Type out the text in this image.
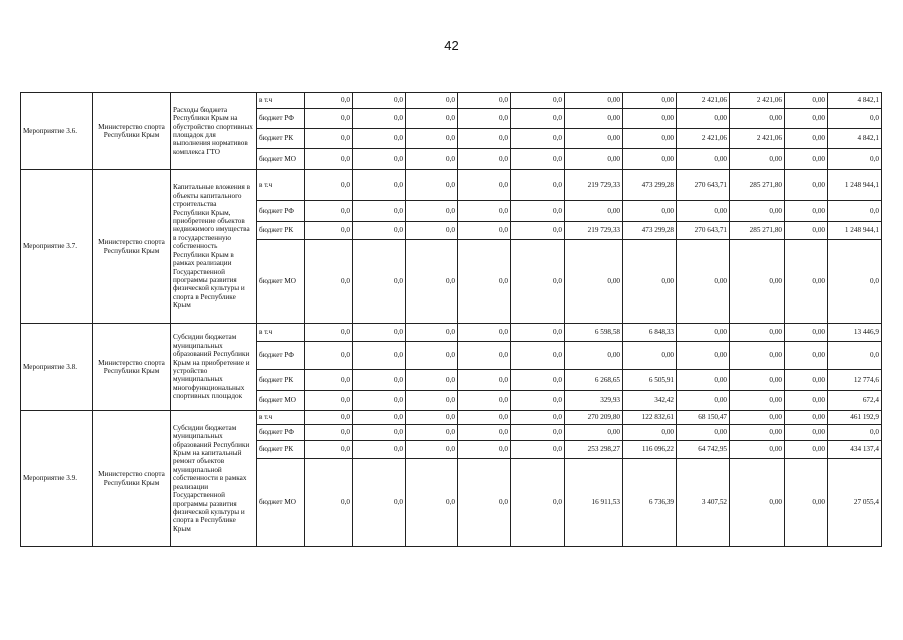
42
Мероприятие 3.6.	Министерство спорта Республики Крым	Расходы бюджета Республики Крым на обустройство спортивных площадок для выполнения нормативов комплекса ГТО	в т.ч	0,0	0,0	0,0	0,0	0,0	0,00	0,00	2 421,06	2 421,06	0,00	4 842,1
			бюджет РФ	0,0	0,0	0,0	0,0	0,0	0,00	0,00	0,00	0,00	0,00	0,0
			бюджет РК	0,0	0,0	0,0	0,0	0,0	0,00	0,00	2 421,06	2 421,06	0,00	4 842,1
			бюджет МО	0,0	0,0	0,0	0,0	0,0	0,00	0,00	0,00	0,00	0,00	0,0
Мероприятие 3.7.	Министерство спорта Республики Крым	Капитальные вложения в объекты капитального строительства Республики Крым, приобретение объектов недвижимого имущества в государственную собственность Республики Крым в рамках реализации Государственной программы развития физической культуры и спорта в Республике Крым	в т.ч	0,0	0,0	0,0	0,0	0,0	219 729,33	473 299,28	270 643,71	285 271,80	0,00	1 248 944,1
			бюджет РФ	0,0	0,0	0,0	0,0	0,0	0,00	0,00	0,00	0,00	0,00	0,0
			бюджет РК	0,0	0,0	0,0	0,0	0,0	219 729,33	473 299,28	270 643,71	285 271,80	0,00	1 248 944,1
			бюджет МО	0,0	0,0	0,0	0,0	0,0	0,00	0,00	0,00	0,00	0,00	0,0
Мероприятие 3.8.	Министерство спорта Республики Крым	Субсидии бюджетам муниципальных образований Республики Крым на приобретение и устройство муниципальных многофункциональных спортивных площадок	в т.ч	0,0	0,0	0,0	0,0	0,0	6 598,58	6 848,33	0,00	0,00	0,00	13 446,9
			бюджет РФ	0,0	0,0	0,0	0,0	0,0	0,00	0,00	0,00	0,00	0,00	0,0
			бюджет РК	0,0	0,0	0,0	0,0	0,0	6 268,65	6 505,91	0,00	0,00	0,00	12 774,6
			бюджет МО	0,0	0,0	0,0	0,0	0,0	329,93	342,42	0,00	0,00	0,00	672,4
Мероприятие 3.9.	Министерство спорта Республики Крым	Субсидии бюджетам муниципальных образований Республики Крым на капитальный ремонт объектов муниципальной собственности в рамках реализации Государственной программы развития физической культуры и спорта в Республике Крым	в т.ч	0,0	0,0	0,0	0,0	0,0	270 209,80	122 832,61	68 150,47	0,00	0,00	461 192,9
			бюджет РФ	0,0	0,0	0,0	0,0	0,0	0,00	0,00	0,00	0,00	0,00	0,0
			бюджет РК	0,0	0,0	0,0	0,0	0,0	253 298,27	116 096,22	64 742,95	0,00	0,00	434 137,4
			бюджет МО	0,0	0,0	0,0	0,0	0,0	16 911,53	6 736,39	3 407,52	0,00	0,00	27 055,4
